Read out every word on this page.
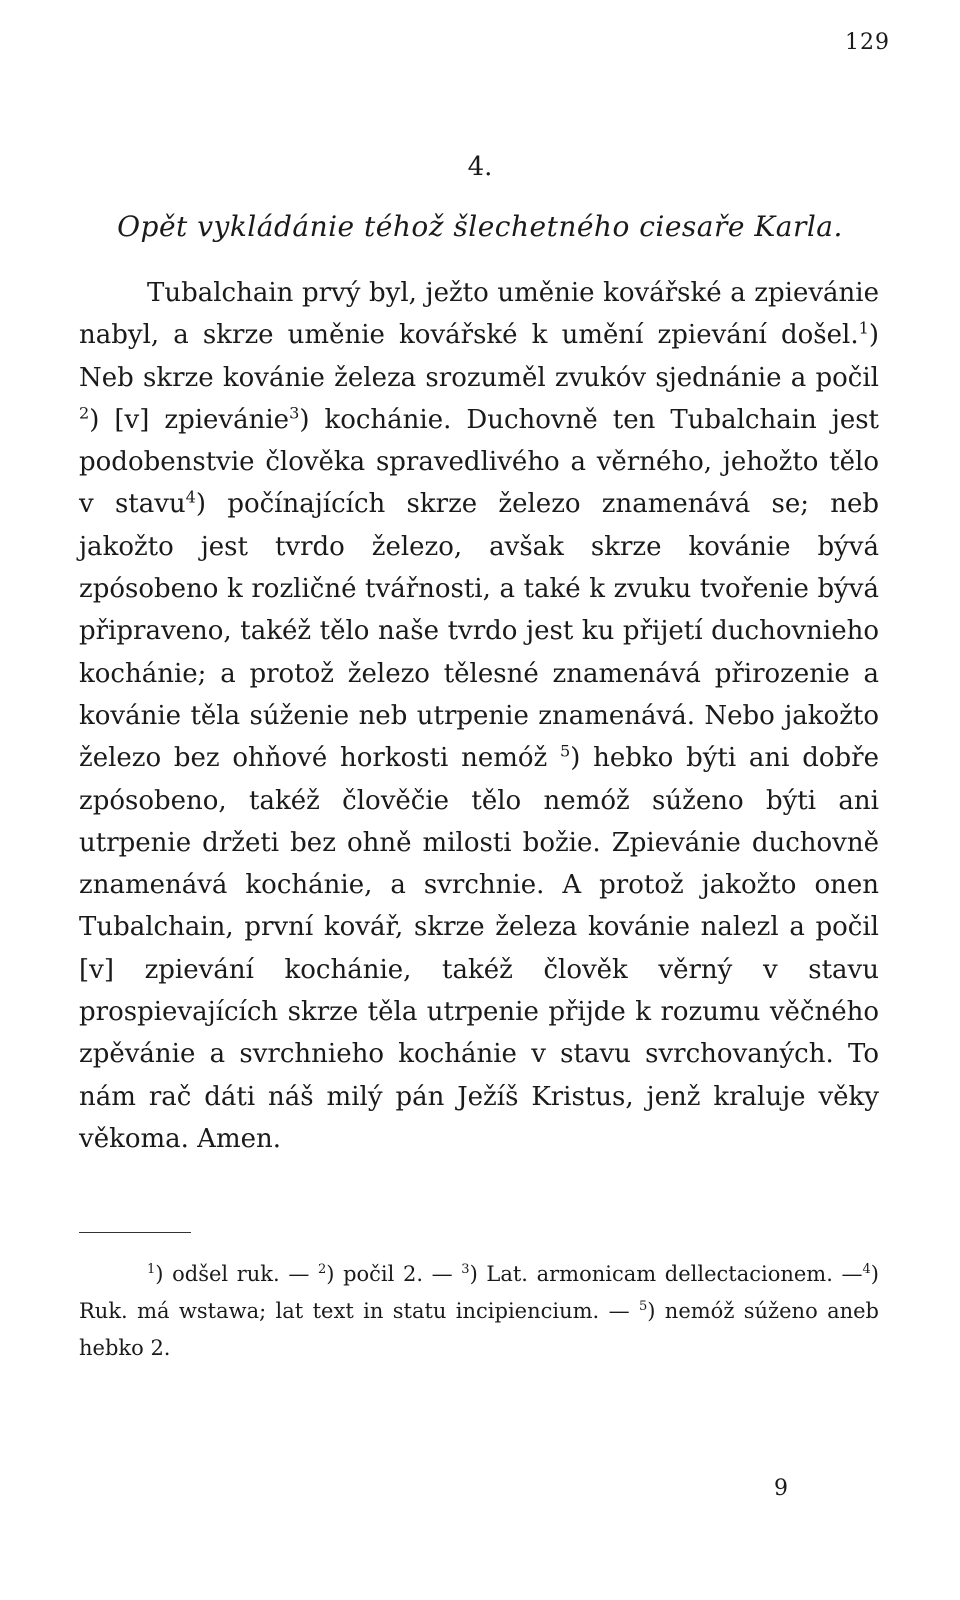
129
4.
Opět vykládánie téhož šlechetného ciesaře Karla.

Tubalchain prvý byl, ježto uměnie kovářské a zpievánie nabyl, a skrze uměnie kovářské k umění zpievání došel.$^1$) Neb skrze kovánie železa srozuměl zvukóv sjednánie a počil $^2$) [v] zpievánie$^3$) kochánie. Duchovně ten Tubalchain jest podobenstvie člověka spravedlivého a věrného, jehožto tělo v stavu$^4$) počínajících skrze železo znamenává se; neb jakožto jest tvrdo železo, avšak skrze kovánie bývá zpósobeno k rozličné tvářnosti, a také k zvuku tvořenie bývá připraveno, takéž tělo naše tvrdo jest ku přijetí duchovnieho kochánie; a protož železo tělesné znamenává přirozenie a kovánie těla súženie neb utrpenie znamenává. Nebo jakožto železo bez ohňové horkosti nemóž $^5$) hebko býti ani dobře zpósobeno, takéž člověčie tělo nemóž súženo býti ani utrpenie držeti bez ohně milosti božie. Zpievánie duchovně znamenává kochánie, a svrchnie. A protož jakožto onen Tubalchain, první kovář, skrze železa kovánie nalezl a počil [v] zpievání kochánie, takéž člověk věrný v stavu prospievajících skrze těla utrpenie přijde k rozumu věčného zpěvánie a svrchnieho kochánie v stavu svrchovaných. To nám rač dáti náš milý pán Ježíš Kristus, jenž kraluje věky věkoma. Amen.

$^1$) odšel ruk. — $^2$) počil 2. — $^3$) Lat. armonicam dellectacionem. —$^4$) Ruk. má wstawa; lat text in statu incipiencium. — $^5$) nemóž súženo aneb hebko 2.

9
